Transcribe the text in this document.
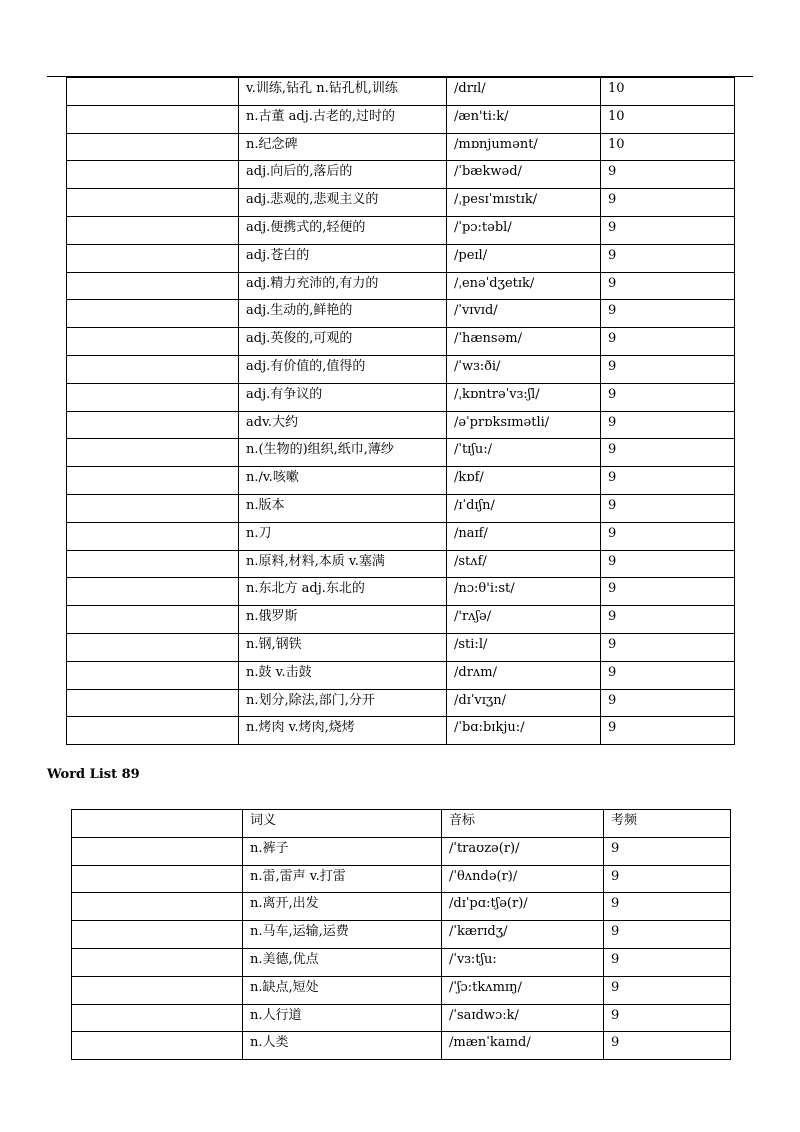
	v.训练,钻孔 n.钻孔机,训练	/drɪl/	10
	n.古董 adj.古老的,过时的	/æn'ti:k/	10
	n.纪念碑	/mɒnjumənt/	10
	adj.向后的,落后的	/ˈbækwəd/	9
	adj.悲观的,悲观主义的	/ˌpesɪˈmɪstɪk/	9
	adj.便携式的,轻便的	/ˈpɔ:təbl/	9
	adj.苍白的	/peɪl/	9
	adj.精力充沛的,有力的	/ˌenəˈdʒetɪk/	9
	adj.生动的,鲜艳的	/ˈvɪvɪd/	9
	adj.英俊的,可观的	/ˈhænsəm/	9
	adj.有价值的,值得的	/ˈwɜ:ði/	9
	adj.有争议的	/ˌkɒntrəˈvɜ:ʃl/	9
	adv.大约	/əˈprɒksɪmətli/	9
	n.(生物的)组织,纸巾,薄纱	/ˈtɪʃu:/	9
	n./v.咳嗽	/kɒf/	9
	n.版本	/ɪˈdɪʃn/	9
	n.刀	/naɪf/	9
	n.原料,材料,本质 v.塞满	/stʌf/	9
	n.东北方 adj.东北的	/nɔ:θ'i:st/	9
	n.俄罗斯	/'rʌʃə/	9
	n.钢,钢铁	/sti:l/	9
	n.鼓 v.击鼓	/drʌm/	9
	n.划分,除法,部门,分开	/dɪˈvɪʒn/	9
	n.烤肉 v.烤肉,烧烤	/ˈbɑ:bɪkju:/	9
Word List 89
	词义	音标	考频
	n.裤子	/ˈtraʊzə(r)/	9
	n.雷,雷声 v.打雷	/ˈθʌndə(r)/	9
	n.离开,出发	/dɪˈpɑ:tʃə(r)/	9
	n.马车,运输,运费	/ˈkærɪdʒ/	9
	n.美德,优点	/ˈvɜ:tʃu:	9
	n.缺点,短处	/ˈʃɔ:tkʌmɪŋ/	9
	n.人行道	/ˈsaɪdwɔ:k/	9
	n.人类	/mænˈkaɪnd/	9
